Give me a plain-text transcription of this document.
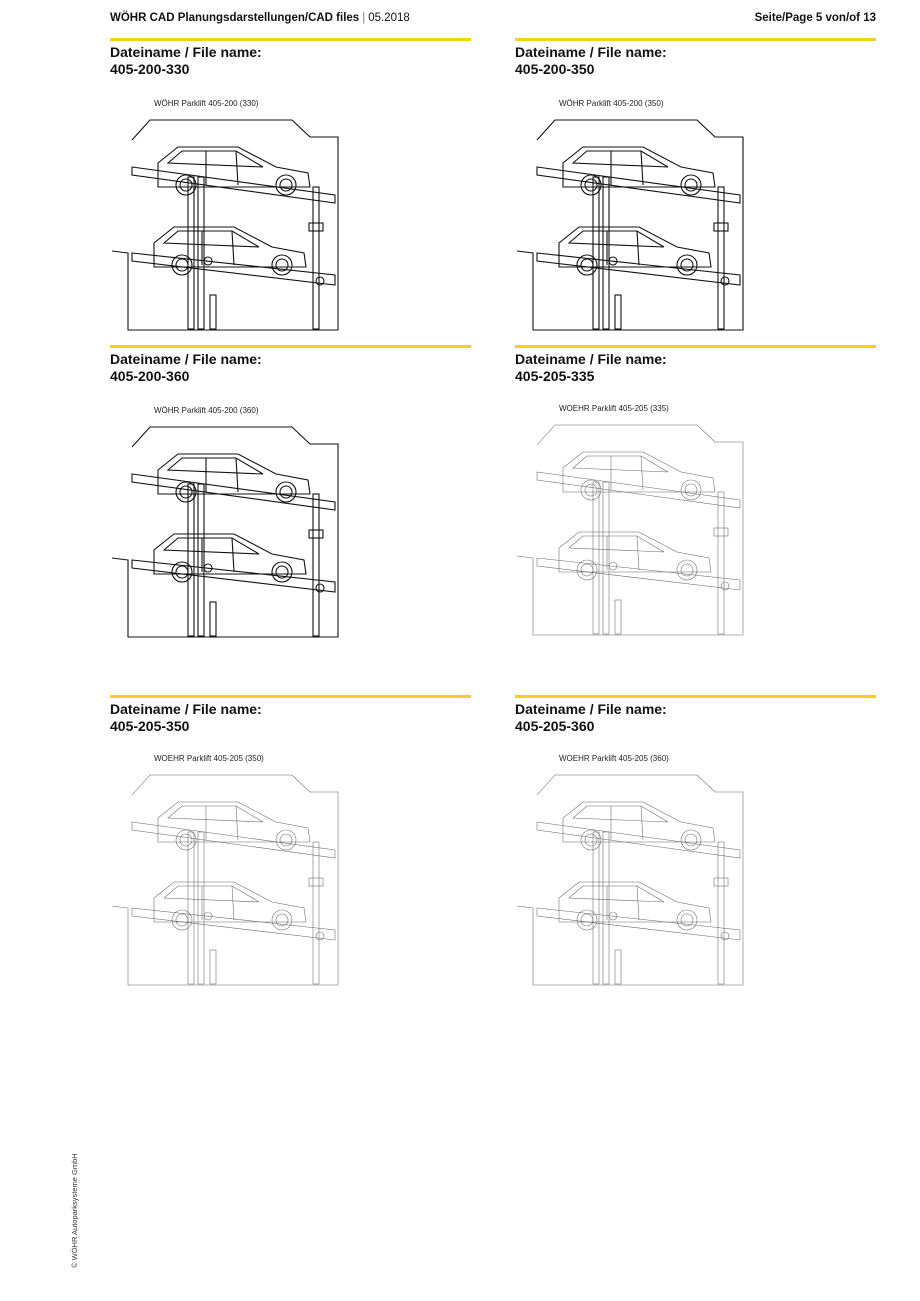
WÖHR CAD Planungsdarstellungen/CAD files | 05.2018	Seite/Page 5 von/of 13
Dateiname / File name:
405-200-330
WÖHR Parklift 405-200 (330)
Dateiname / File name:
405-200-350
WÖHR Parklift 405-200 (350)
Dateiname / File name:
405-200-360
WÖHR Parklift 405-200 (360)
Dateiname / File name:
405-205-335
WOEHR Parklift 405-205 (335)
Dateiname / File name:
405-205-350
WOEHR Parklift 405-205 (350)
Dateiname / File name:
405-205-360
WOEHR Parklift 405-205 (360)
© WÖHR Autoparksysteme GmbH
